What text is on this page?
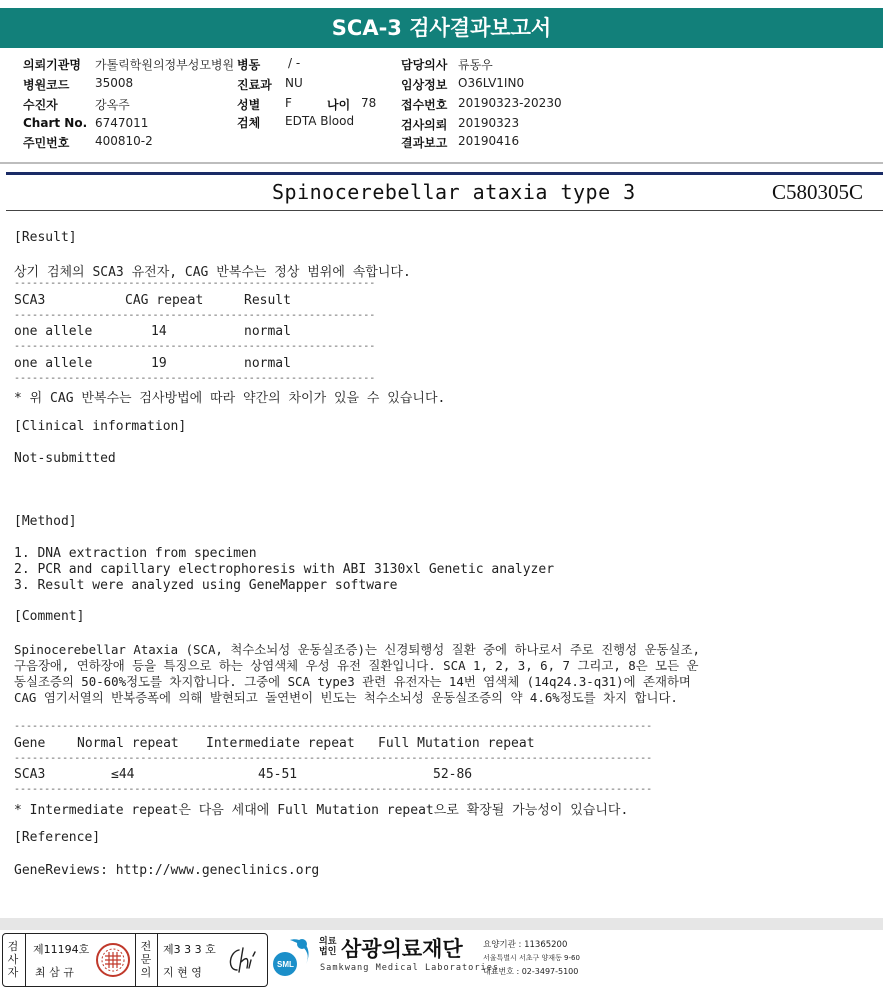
SCA-3 검사결과보고서
의뢰기관명 가톨릭학원의정부성모병원
병원코드 35008
수진자	강옥주
Chart No. 6747011
주민번호 400810-2
병동 / -
진료과 NU
성별 F	나이 78
검체 EDTA Blood
담당의사 류동우
임상정보 O36LV1IN0
접수번호 20190323-20230
검사의뢰 20190323
결과보고 20190416
Spinocerebellar ataxia type 3	C580305C
[Result]
상기 검체의 SCA3 유전자, CAG 반복수는 정상 범위에 속합니다.
------------------------------------------------------------
SCA3	CAG repeat	Result
------------------------------------------------------------
one allele	14	normal
------------------------------------------------------------
one allele	19	normal
------------------------------------------------------------
* 위 CAG 반복수는 검사방법에 따라 약간의 차이가 있을 수 있습니다.
[Clinical information]
Not-submitted
[Method]
1. DNA extraction from specimen
2. PCR and capillary electrophoresis with ABI 3130xl Genetic analyzer
3. Result were analyzed using GeneMapper software
[Comment]
Spinocerebellar Ataxia (SCA, 척수소뇌성 운동실조증)는 신경퇴행성 질환 중에 하나로서 주로 진행성 운동실조,
구음장애, 연하장애 등을 특징으로 하는 상염색체 우성 유전 질환입니다. SCA 1, 2, 3, 6, 7 그리고, 8은 모든 운
동실조증의 50-60%정도를 차지합니다. 그중에 SCA type3 관련 유전자는 14번 염색체 (14q24.3-q31)에 존재하며
CAG 염기서열의 반복증폭에 의해 발현되고 돌연변이 빈도는 척수소뇌성 운동실조증의 약 4.6%정도를 차지 합니다.
----------------------------------------------------------------------------------------------------------
Gene Normal repeat Intermediate repeat Full Mutation repeat
----------------------------------------------------------------------------------------------------------
SCA3	≤44	45-51	52-86
----------------------------------------------------------------------------------------------------------
* Intermediate repeat은 다음 세대에 Full Mutation repeat으로 확장될 가능성이 있습니다.
[Reference]
GeneReviews: http://www.geneclinics.org
검사자
제11194호
최 삼 규
전문의
제3 3 3 호
지 현 영
SML
의료법인 삼광의료재단
Samkwang Medical Laboratories
요양기관 : 11365200
서울특별시 서초구 양재동 9-60
대표번호 : 02-3497-5100
